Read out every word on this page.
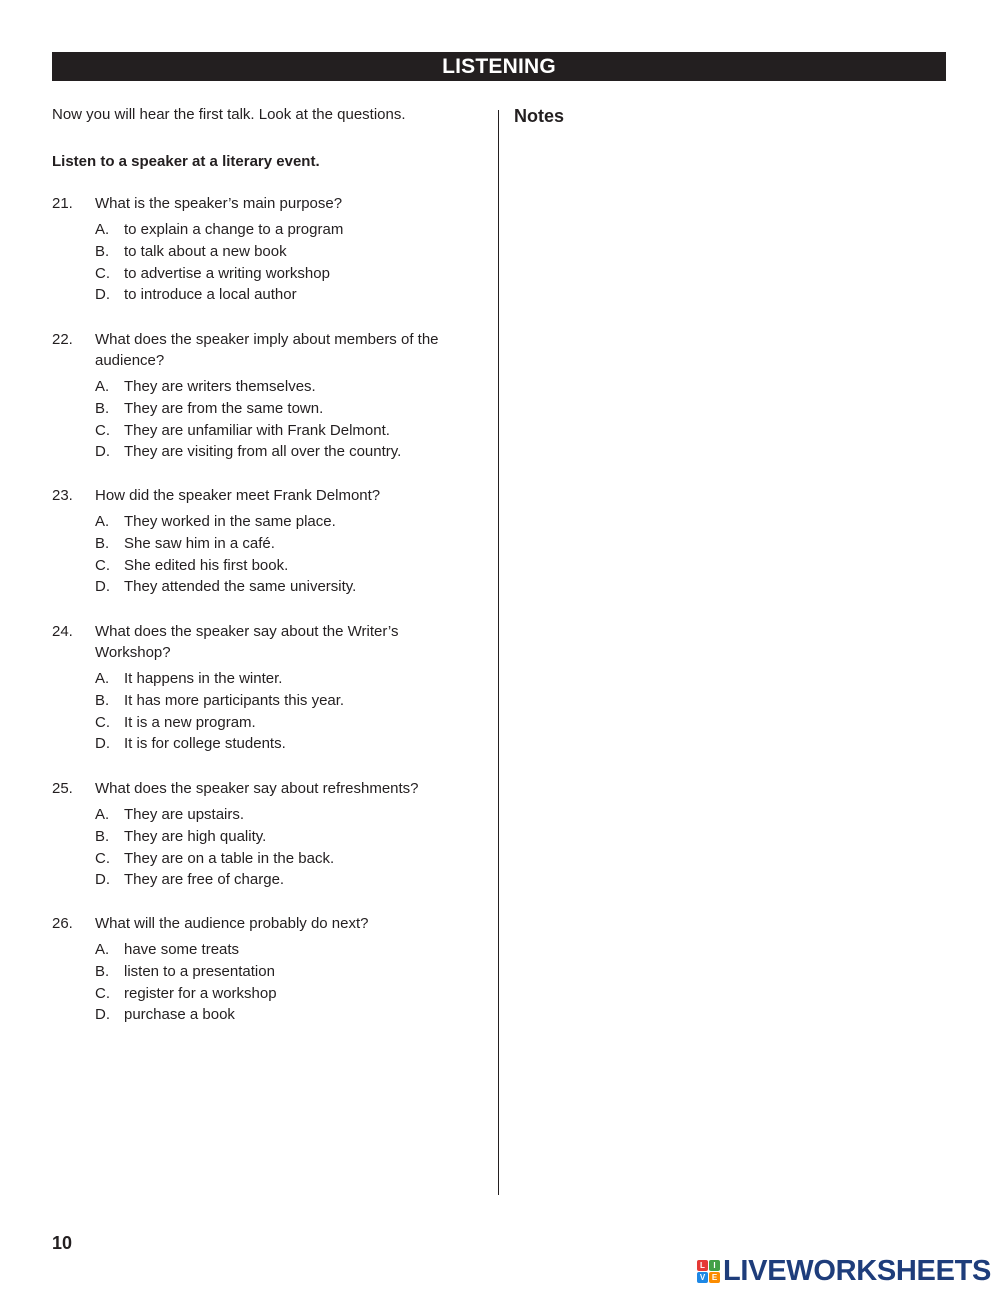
LISTENING
Now you will hear the first talk. Look at the questions.
Listen to a speaker at a literary event.
Notes
21.	What is the speaker’s main purpose?
A. to explain a change to a program
B. to talk about a new book
C. to advertise a writing workshop
D. to introduce a local author
22.	What does the speaker imply about members of the audience?
A. They are writers themselves.
B. They are from the same town.
C. They are unfamiliar with Frank Delmont.
D. They are visiting from all over the country.
23.	How did the speaker meet Frank Delmont?
A. They worked in the same place.
B. She saw him in a café.
C. She edited his first book.
D. They attended the same university.
24.	What does the speaker say about the Writer’s Workshop?
A. It happens in the winter.
B. It has more participants this year.
C. It is a new program.
D. It is for college students.
25.	What does the speaker say about refreshments?
A. They are upstairs.
B. They are high quality.
C. They are on a table in the back.
D. They are free of charge.
26.	What will the audience probably do next?
A. have some treats
B. listen to a presentation
C. register for a workshop
D. purchase a book
10
L	I
V E LIVEWORKSHEETS
